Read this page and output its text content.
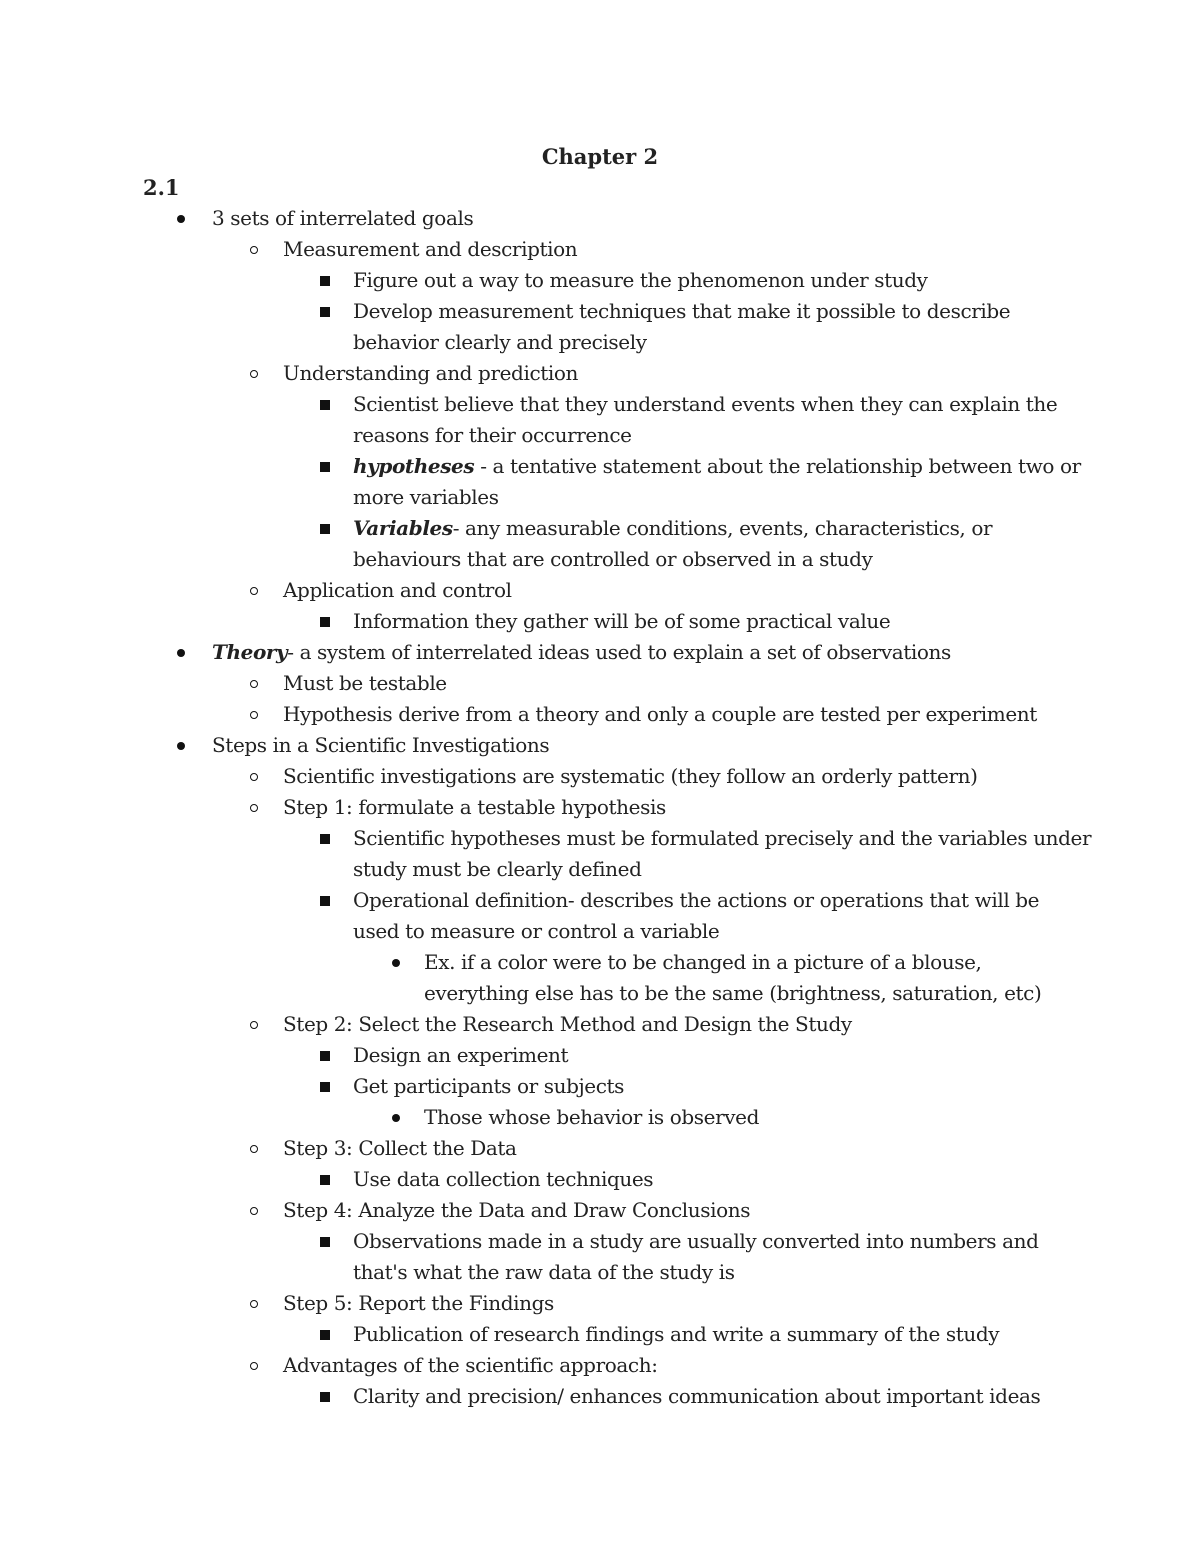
Chapter 2
2.1
3 sets of interrelated goals
Measurement and description
Figure out a way to measure the phenomenon under study
Develop measurement techniques that make it possible to describe
behavior clearly and precisely
Understanding and prediction
Scientist believe that they understand events when they can explain the
reasons for their occurrence
hypotheses - a tentative statement about the relationship between two or
more variables
Variables- any measurable conditions, events, characteristics, or
behaviours that are controlled or observed in a study
Application and control
Information they gather will be of some practical value
Theory- a system of interrelated ideas used to explain a set of observations
Must be testable
Hypothesis derive from a theory and only a couple are tested per experiment
Steps in a Scientific Investigations
Scientific investigations are systematic (they follow an orderly pattern)
Step 1: formulate a testable hypothesis
Scientific hypotheses must be formulated precisely and the variables under
study must be clearly defined
Operational definition- describes the actions or operations that will be
used to measure or control a variable
Ex. if a color were to be changed in a picture of a blouse,
everything else has to be the same (brightness, saturation, etc)
Step 2: Select the Research Method and Design the Study
Design an experiment
Get participants or subjects
Those whose behavior is observed
Step 3: Collect the Data
Use data collection techniques
Step 4: Analyze the Data and Draw Conclusions
Observations made in a study are usually converted into numbers and
that's what the raw data of the study is
Step 5: Report the Findings
Publication of research findings and write a summary of the study
Advantages of the scientific approach:
Clarity and precision/ enhances communication about important ideas
